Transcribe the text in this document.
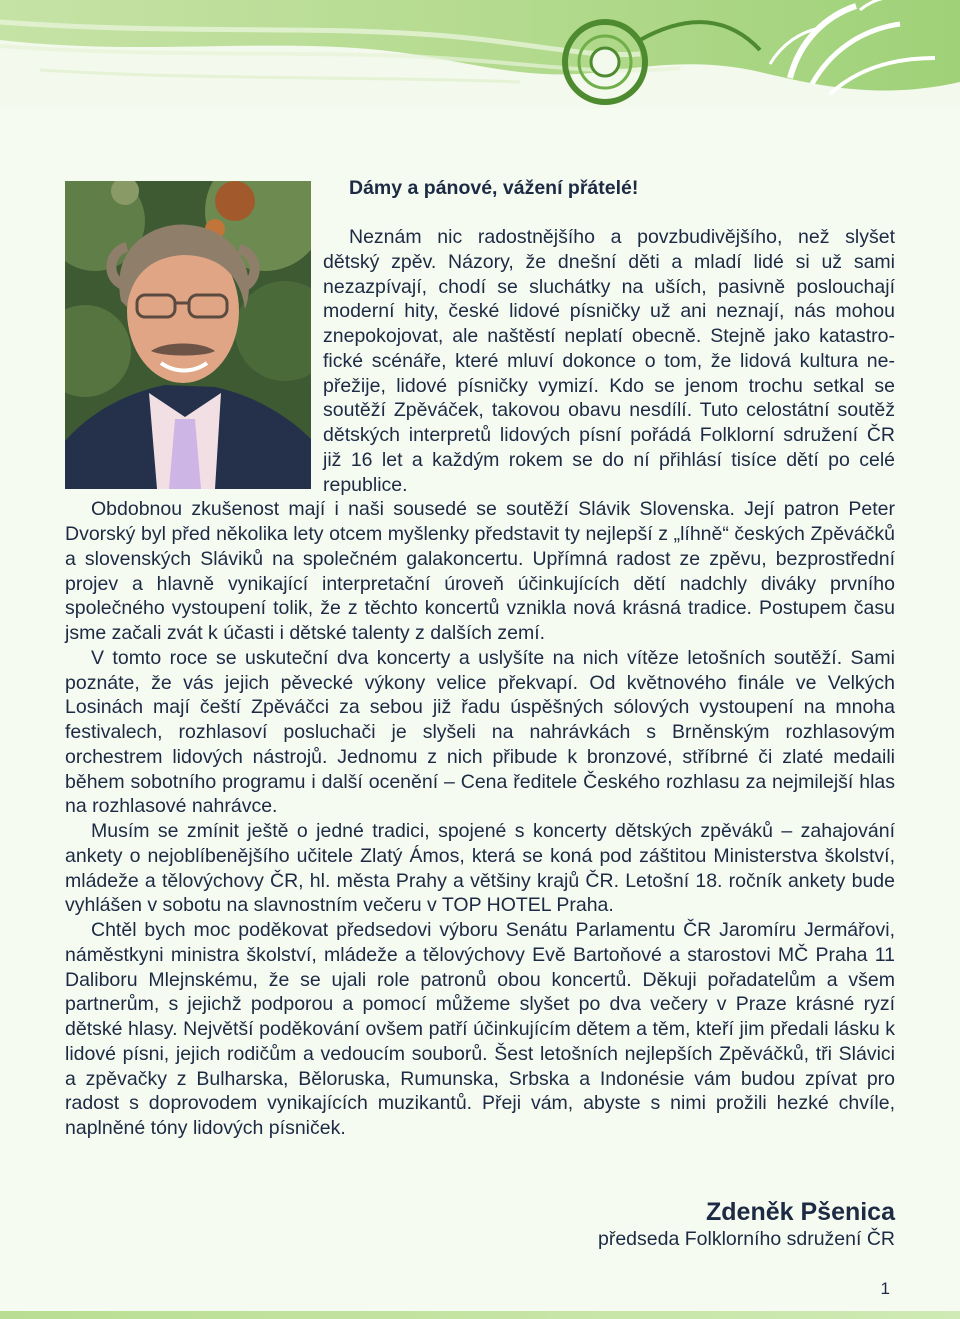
Dámy a pánové, vážení přátelé!

Neznám nic radostnějšího a povzbudivějšího, než slyšet dětský zpěv. Názory, že dnešní děti a mladí lidé si už sami nezazpívají, chodí se sluchátky na uších, pasivně poslouchají moderní hity, české lidové písničky už ani neznají, nás mohou znepokojovat, ale naštěstí neplatí obecně. Stejně jako katastrofické scénáře, které mluví dokonce o tom, že lidová kultura nepřežije, lidové písničky vymizí. Kdo se jenom trochu setkal se soutěží Zpěváček, takovou obavu nesdílí. Tuto celostátní soutěž dětských interpretů lidových písní pořádá Folklorní sdružení ČR již 16 let a každým rokem se do ní přihlásí tisíce dětí po celé republice.

Obdobnou zkušenost mají i naši sousedé se soutěží Slávik Slovenska. Její patron Peter Dvorský byl před několika lety otcem myšlenky představit ty nejlepší z „líhně“ českých Zpěváčků a slovenských Sláviků na společném galakoncertu. Upřímná radost ze zpěvu, bezprostřední projev a hlavně vynikající interpretační úroveň účinkujících dětí nadchly diváky prvního společného vystoupení tolik, že z těchto koncertů vznikla nová krásná tradice. Postupem času jsme začali zvát k účasti i dětské talenty z dalších zemí.

V tomto roce se uskuteční dva koncerty a uslyšíte na nich vítěze letošních soutěží. Sami poznáte, že vás jejich pěvecké výkony velice překvapí. Od květnového finále ve Velkých Losinách mají čeští Zpěváčci za sebou již řadu úspěšných sólových vystoupení na mnoha festivalech, rozhlasoví posluchači je slyšeli na nahrávkách s Brněnským rozhlasovým orchestrem lidových nástrojů. Jednomu z nich přibude k bronzové, stříbrné či zlaté medaili během sobotního programu i další ocenění – Cena ředitele Českého rozhlasu za nejmilejší hlas na rozhlasové nahrávce.

Musím se zmínit ještě o jedné tradici, spojené s koncerty dětských zpěváků – zahajování ankety o nejoblíbenějšího učitele Zlatý Ámos, která se koná pod záštitou Ministerstva školství, mládeže a tělovýchovy ČR, hl. města Prahy a většiny krajů ČR. Letošní 18. ročník ankety bude vyhlášen v sobotu na slavnostním večeru v TOP HOTEL Praha.

Chtěl bych moc poděkovat předsedovi výboru Senátu Parlamentu ČR Jaromíru Jermářovi, náměstkyni ministra školství, mládeže a tělovýchovy Evě Bartoňové a starostovi MČ Praha 11 Daliboru Mlejnskému, že se ujali role patronů obou koncertů. Děkuji pořadatelům a všem partnerům, s jejichž podporou a pomocí můžeme slyšet po dva večery v Praze krásné ryzí dětské hlasy. Největší poděkování ovšem patří účinkujícím dětem a těm, kteří jim předali lásku k lidové písni, jejich rodičům a vedoucím souborů. Šest letošních nejlepších Zpěváčků, tři Slávici a zpěvačky z Bulharska, Běloruska, Rumunska, Srbska a Indonésie vám budou zpívat pro radost s doprovodem vynikajících muzikantů. Přeji vám, abyste s nimi prožili hezké chvíle, naplněné tóny lidových písniček.

Zdeněk Pšenica

předseda Folklorního sdružení ČR

1
